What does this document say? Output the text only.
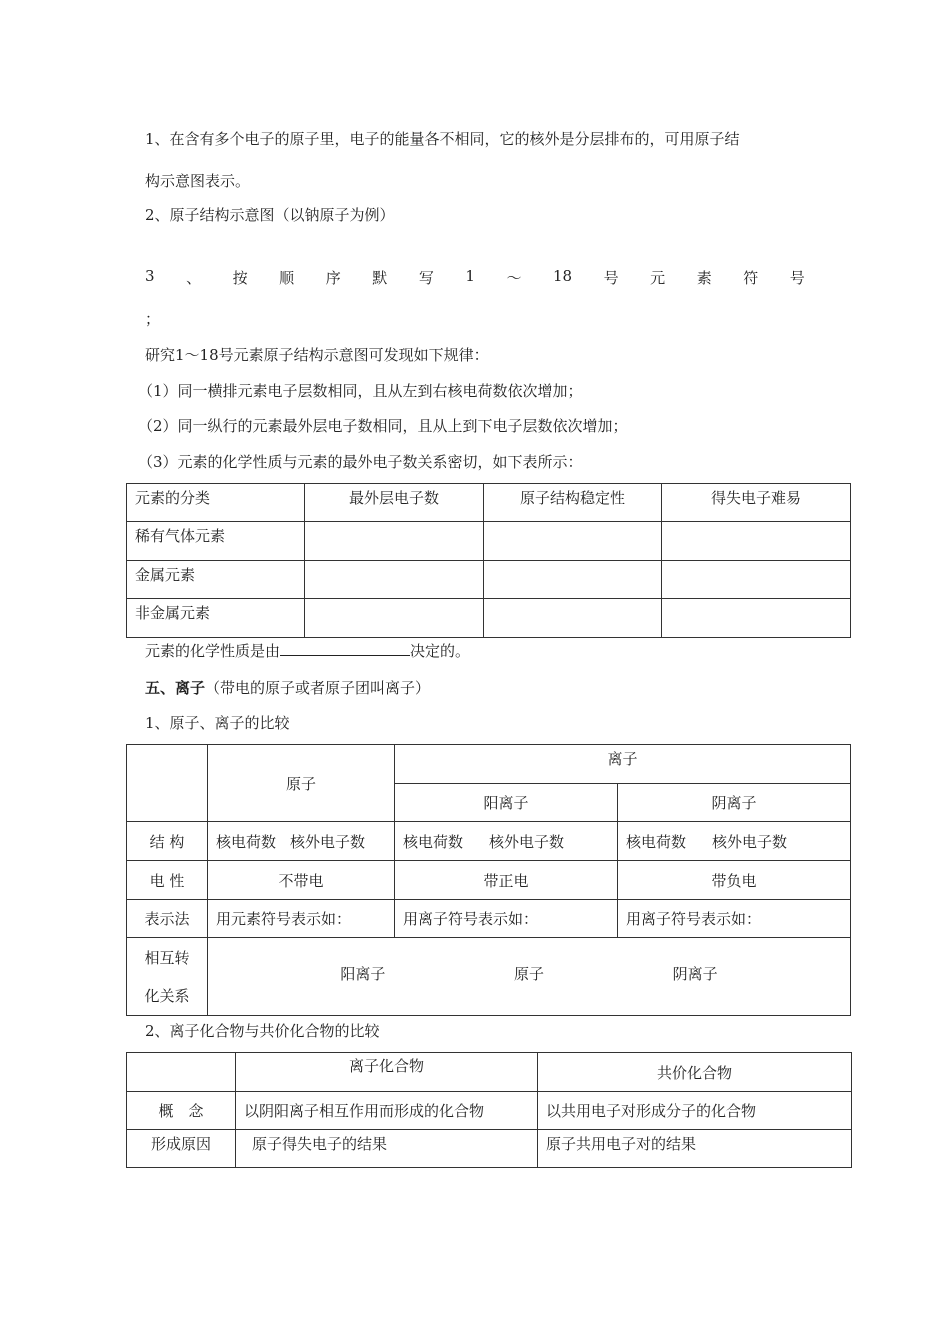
1、在含有多个电子的原子里，电子的能量各不相同，它的核外是分层排布的，可用原子结
构示意图表示。
2、原子结构示意图（以钠原子为例）
3 、 按 顺 序 默 写 1 ～ 18 号 元 素 符 号
；
研究1～18号元素原子结构示意图可发现如下规律：
（1）同一横排元素电子层数相同，且从左到右核电荷数依次增加；
（2）同一纵行的元素最外层电子数相同，且从上到下电子层数依次增加；
（3）元素的化学性质与元素的最外电子数关系密切，如下表所示：
元素的分类	最外层电子数	原子结构稳定性	得失电子难易
稀有气体元素			
金属元素			
非金属元素			
元素的化学性质是由	决定的。
五、离子（带电的原子或者原子团叫离子）
1、原子、离子的比较
	原子	离子	
		阳离子	阴离子
结 构	核电荷数 核外电子数	核电荷数 核外电子数	核电荷数 核外电子数
电 性	不带电	带正电	带负电
表示法	用元素符号表示如：	用离子符号表示如：	用离子符号表示如：
相互转
化关系	阳离子 原子 阴离子		
2、离子化合物与共价化合物的比较
	离子化合物	共价化合物
概　念	以阴阳离子相互作用而形成的化合物	以共用电子对形成分子的化合物
形成原因	原子得失电子的结果	原子共用电子对的结果
